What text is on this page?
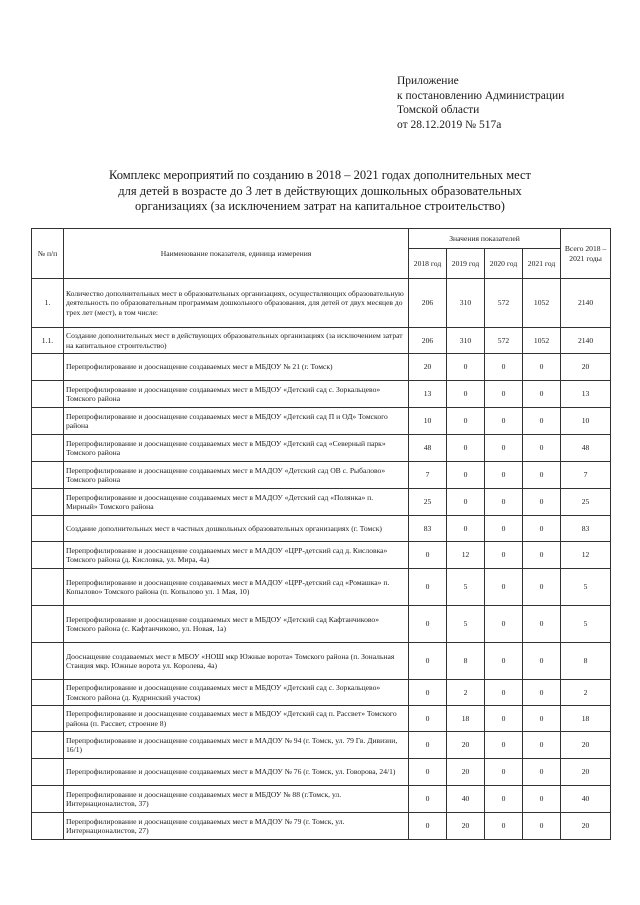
Приложение
к постановлению Администрации
Томской области
от 28.12.2019 № 517а
Комплекс мероприятий по созданию в 2018 – 2021 годах дополнительных мест
для детей в возрасте до 3 лет в действующих дошкольных образовательных
организациях (за исключением затрат на капитальное строительство)
№ п/п	Наименование показателя, единица измерения	Значения показателей				Всего 2018 – 2021 годы
		2018 год	2019 год	2020 год	2021 год	
1.	Количество дополнительных мест в образовательных организациях, осуществляющих образовательную деятельность по образовательным программам дошкольного образования, для детей от двух месяцев до трех лет (мест), в том числе:	206	310	572	1052	2140
1.1.	Создание дополнительных мест в действующих образовательных организациях (за исключением затрат на капитальное строительство)	206	310	572	1052	2140
	Перепрофилирование и дооснащение создаваемых мест в МБДОУ № 21 (г. Томск)	20	0	0	0	20
	Перепрофилирование и дооснащение создаваемых мест в МБДОУ «Детский сад с. Зоркальцево» Томского района	13	0	0	0	13
	Перепрофилирование и дооснащение создаваемых мест в МБДОУ «Детский сад П и ОД» Томского района	10	0	0	0	10
	Перепрофилирование и дооснащение создаваемых мест в МБДОУ «Детский сад «Северный парк» Томского района	48	0	0	0	48
	Перепрофилирование и дооснащение создаваемых мест в МАДОУ «Детский сад ОВ с. Рыбалово» Томского района	7	0	0	0	7
	Перепрофилирование и дооснащение создаваемых мест в МАДОУ «Детский сад «Полянка» п. Мирный» Томского района	25	0	0	0	25
	Создание дополнительных мест в частных дошкольных образовательных организациях (г. Томск)	83	0	0	0	83
	Перепрофилирование и дооснащение создаваемых мест в МАДОУ «ЦРР-детский сад д. Кисловка» Томского района (д. Кисловка, ул. Мира, 4а)	0	12	0	0	12
	Перепрофилирование и дооснащение создаваемых мест в МАДОУ «ЦРР-детский сад «Ромашка» п. Копылово» Томского района (п. Копылово ул. 1 Мая, 10)	0	5	0	0	5
	Перепрофилирование и дооснащение создаваемых мест в МБДОУ «Детский сад Кафтанчиково» Томского района (с. Кафтанчиково, ул. Новая, 1а)	0	5	0	0	5
	Дооснащение создаваемых мест в МБОУ «НОШ мкр Южные ворота» Томского района (п. Зональная Станция мкр. Южные ворота ул. Королева, 4а)	0	8	0	0	8
	Перепрофилирование и дооснащение создаваемых мест в МБДОУ «Детский сад с. Зоркальцево» Томского района (д. Кудринский участок)	0	2	0	0	2
	Перепрофилирование и дооснащение создаваемых мест в МБДОУ «Детский сад п. Рассвет» Томского района (п. Рассвет, строение 8)	0	18	0	0	18
	Перепрофилирование и дооснащение создаваемых мест в МАДОУ № 94 (г. Томск, ул. 79 Гв. Дивизии, 16/1)	0	20	0	0	20
	Перепрофилирование и дооснащение создаваемых мест в МАДОУ № 76 (г. Томск, ул. Говорова, 24/1)	0	20	0	0	20
	Перепрофилирование и дооснащение создаваемых мест в МБДОУ № 88 (г.Томск, ул. Интернационалистов, 37)	0	40	0	0	40
	Перепрофилирование и дооснащение создаваемых мест в МАДОУ № 79 (г. Томск, ул. Интернационалистов, 27)	0	20	0	0	20
